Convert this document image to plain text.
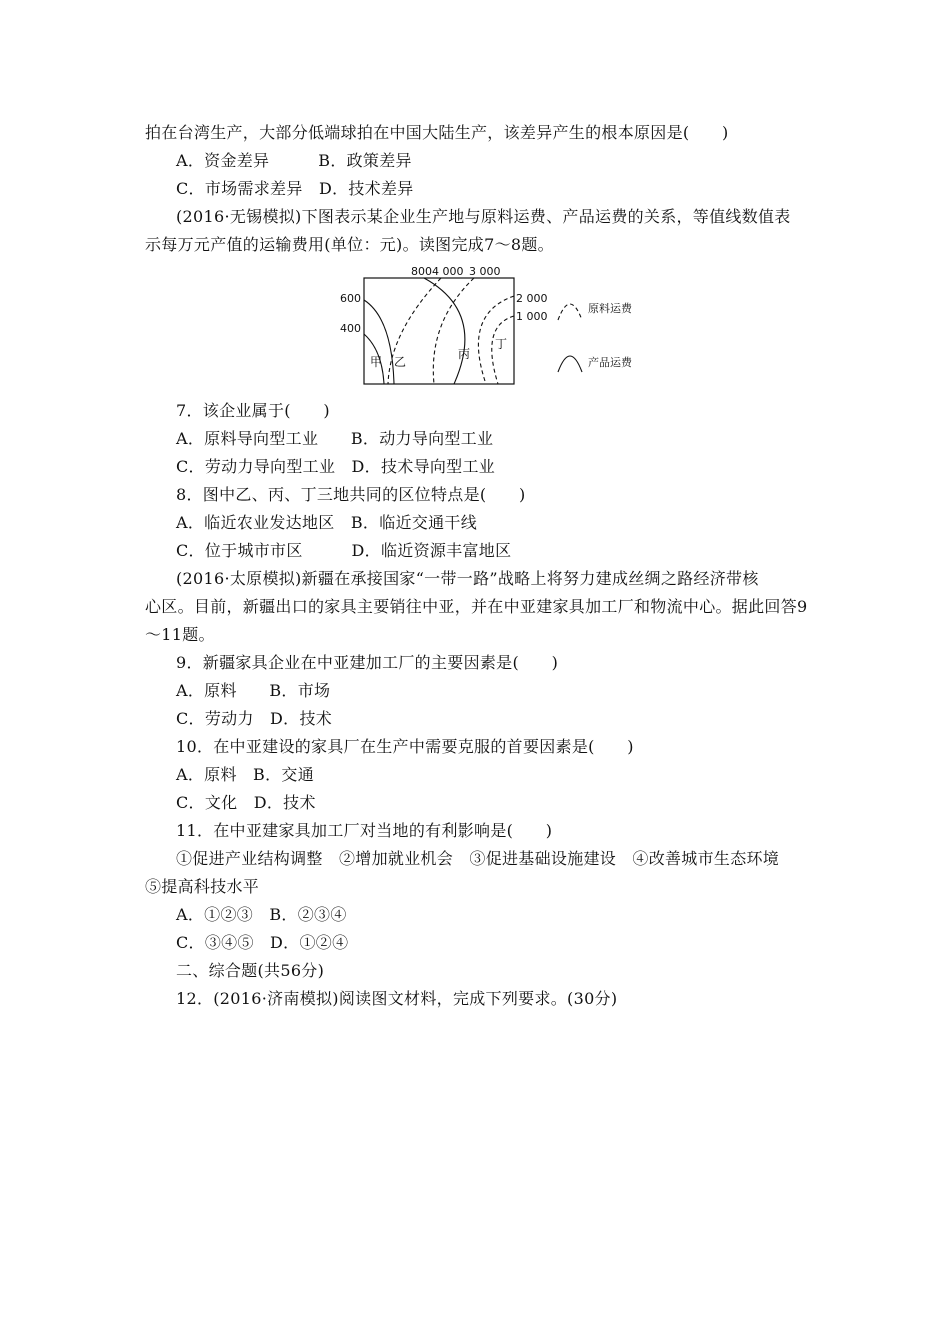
拍在台湾生产，大部分低端球拍在中国大陆生产，该差异产生的根本原因是(　　)
A．资金差异　　　B．政策差异
C．市场需求差异　D．技术差异
(2016·无锡模拟)下图表示某企业生产地与原料运费、产品运费的关系，等值线数值表
示每万元产值的运输费用(单位：元)。读图完成7～8题。
800 4 000 3 000
600
400
2 000
1 000
甲 乙
丙
丁
原料运费
产品运费
7．该企业属于(　　)
A．原料导向型工业　　B．动力导向型工业
C．劳动力导向型工业　D．技术导向型工业
8．图中乙、丙、丁三地共同的区位特点是(　　)
A．临近农业发达地区　B．临近交通干线
C．位于城市市区　　　D．临近资源丰富地区
(2016·太原模拟)新疆在承接国家“一带一路”战略上将努力建成丝绸之路经济带核
心区。目前，新疆出口的家具主要销往中亚，并在中亚建家具加工厂和物流中心。据此回答9
～11题。
9．新疆家具企业在中亚建加工厂的主要因素是(　　)
A．原料　　B．市场
C．劳动力　D．技术
10．在中亚建设的家具厂在生产中需要克服的首要因素是(　　)
A．原料　B．交通
C．文化　D．技术
11．在中亚建家具加工厂对当地的有利影响是(　　)
①促进产业结构调整　②增加就业机会　③促进基础设施建设　④改善城市生态环境
⑤提高科技水平
A．①②③　B．②③④
C．③④⑤　D．①②④
二、综合题(共56分)
12．(2016·济南模拟)阅读图文材料，完成下列要求。(30分)
